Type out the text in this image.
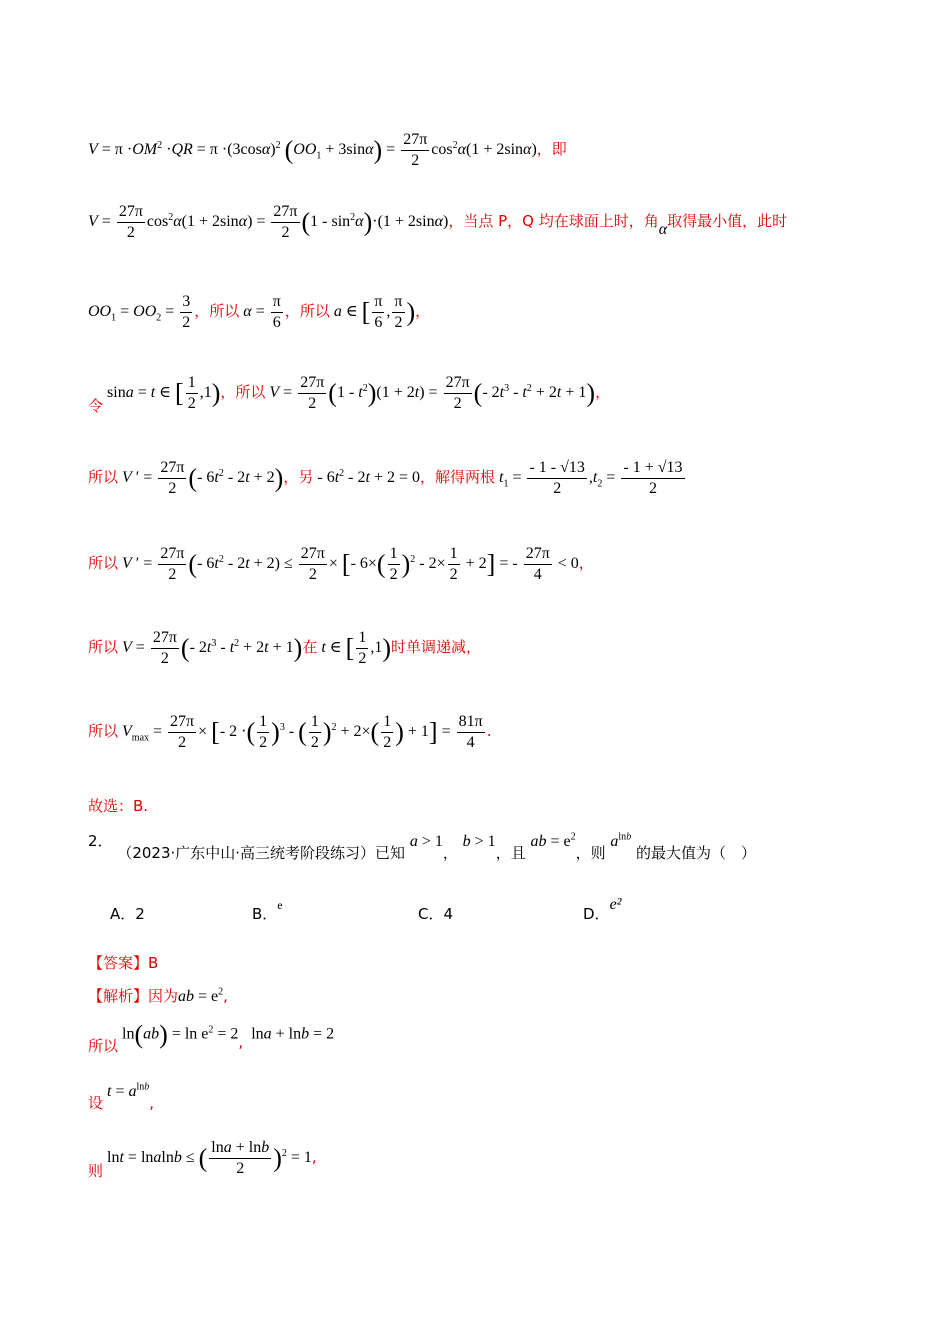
$V = \pi \cdot OM^2 \cdot QR = \pi \cdot(3\cos\alpha)^2$ $(OO_1 + 3\sin\alpha) = \frac{27\pi}{2} \cos^2\alpha(1 + 2\sin\alpha)$，即
$V = \frac{27\pi}{2} \cos^2\alpha(1 + 2\sin\alpha) = \frac{27\pi}{2} (1 - \sin^2\alpha)\cdot(1 + 2\sin\alpha)$，当点 P，Q 均在球面上时，角α取得最小值，此时
$OO_1 = OO_2 = \frac{3}{2}$ ，所以 $\alpha = \frac{\pi}{6}$ ，所以 a ∈ [ $\frac{\pi}{6}$ , $\frac{\pi}{2}$ )，
令 sina = t ∈ [ $\frac{1}{2} ,1$)，所以 $V = \frac{27\pi}{2} (1 - t^2)(1 + 2t) = \frac{27\pi}{2}$ (- $2t^3 - t^2 + 2t + 1$)，
所以 V ′ = $\frac{27\pi}{2}$ (- $6t^2 - 2t + 2$)，另 - $6t^2 - 2t + 2 = 0$，解得两根 $t_1 = \frac{- 1 - √13}{2} ,t_2 = \frac{- 1 + √13}{2}$
所以 V ′ = $\frac{27\pi}{2}$ (- $6t^2 - 2t + 2) \le \frac{27\pi}{2}$ × [- $6\times( \frac{1}{2} )^2 - 2\times \frac{1}{2} + 2$] = - $\frac{27\pi}{4} < 0$，
所以 $V = \frac{27\pi}{2}$ (- $2t^3 - t^2 + 2t + 1$)在 t ∈ [ $\frac{1}{2} ,1$)时单调递减，
所以 $V_{max} = \frac{27\pi}{2}$ × [- 2 ·( $\frac{1}{2} )^3$ - ( $\frac{1}{2} )^2 + 2\times( \frac{1}{2}$ ) + $1] = \frac{81\pi}{4}$ .
故选：B.
2． （2023·广东中山·高三统考阶段练习）已知 a > 1， b > 1，且 ab = $e^2$，则 $a^{lnb}$ 的最大值为（　）
A．2	B．$^e$	C．4	D．e²
【答案】B
【解析】因为ab = $e^2$,
所以 $\ln(ab) = \ln e^2 = 2$,  lna + lnb = 2
设 $t = a^{lnb}$,
则 lnt = lnalnb ≤ ( $\frac{\ln a + \ln b}{2} )^2 = 1$,
